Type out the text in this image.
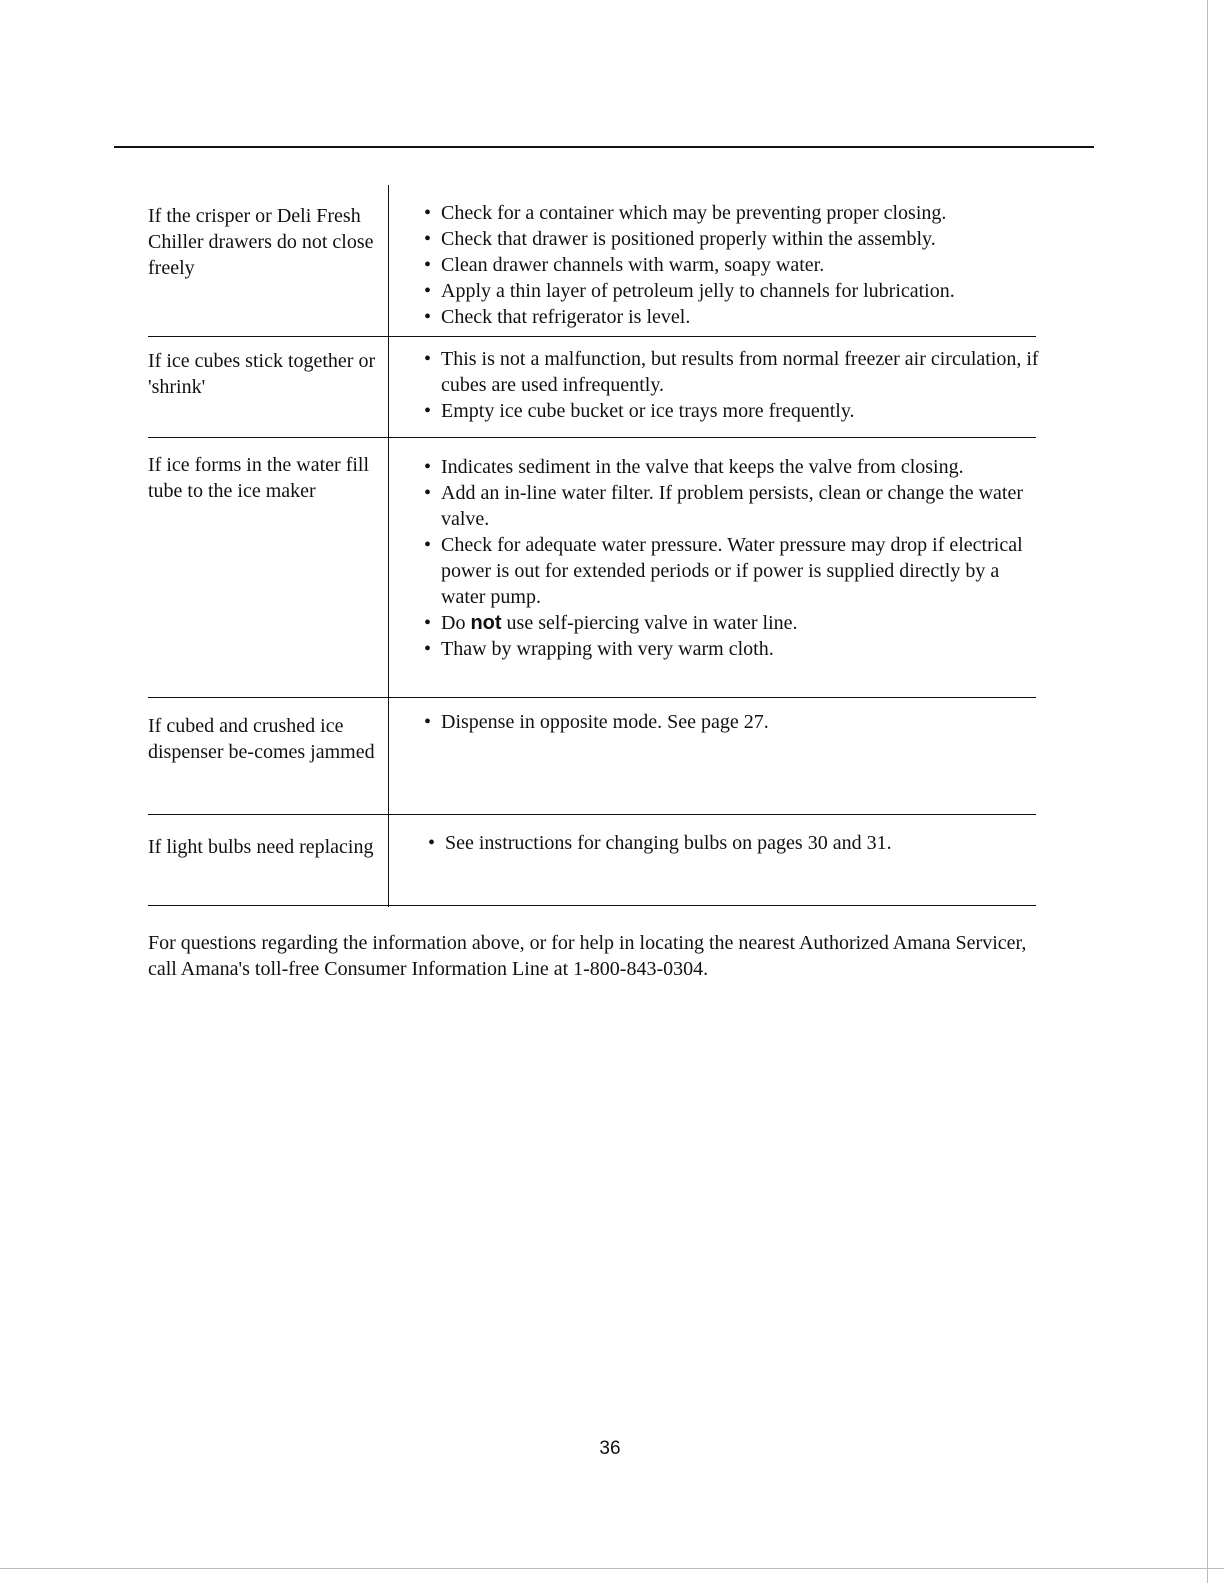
If the crisper or Deli Fresh Chiller drawers do not close freely
• Check for a container which may be preventing proper closing.
• Check that drawer is positioned properly within the assembly.
• Clean drawer channels with warm, soapy water.
• Apply a thin layer of petroleum jelly to channels for lubrication.
• Check that refrigerator is level.
If ice cubes stick together or 'shrink'
• This is not a malfunction, but results from normal freezer air circulation, if cubes are used infrequently.
• Empty ice cube bucket or ice trays more frequently.
If ice forms in the water fill tube to the ice maker
• Indicates sediment in the valve that keeps the valve from closing.
• Add an in-line water filter. If problem persists, clean or change the water valve.
• Check for adequate water pressure. Water pressure may drop if electrical power is out for extended periods or if power is supplied directly by a water pump.
• Do not use self-piercing valve in water line.
• Thaw by wrapping with very warm cloth.
If cubed and crushed ice dispenser be-comes jammed
• Dispense in opposite mode. See page 27.
If light bulbs need replacing
•	See instructions for changing bulbs on pages 30 and 31.
For questions regarding the information above, or for help in locating the nearest Authorized Amana Servicer, call Amana's toll-free Consumer Information Line at 1-800-843-0304.
36
